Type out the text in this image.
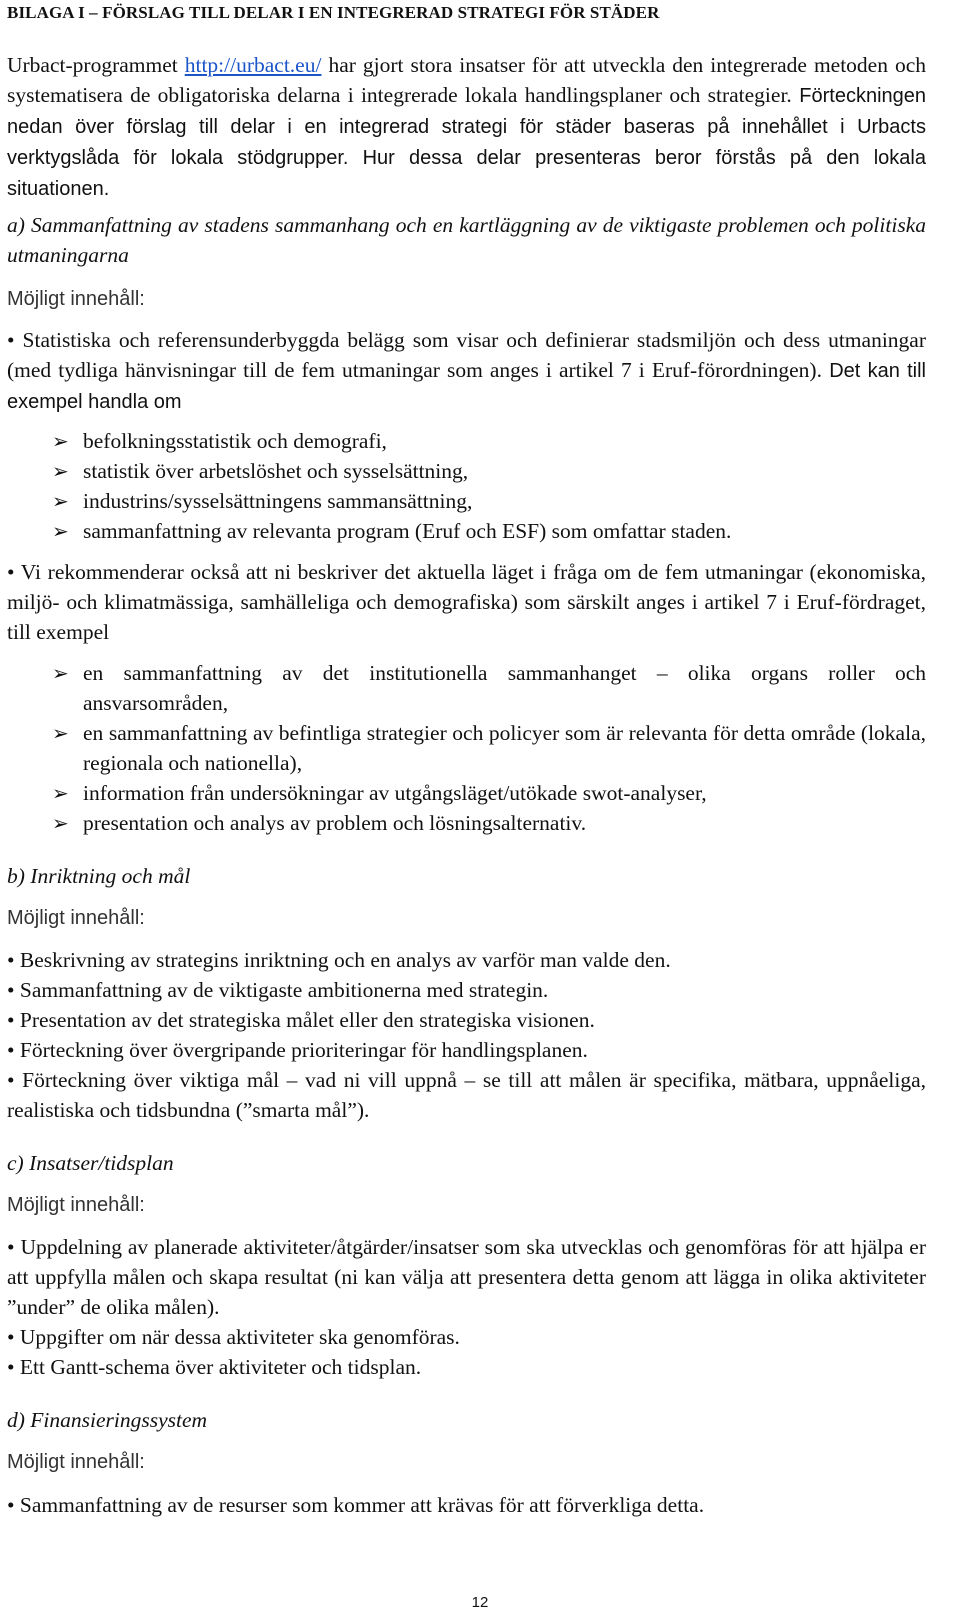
BILAGA I – FÖRSLAG TILL DELAR I EN INTEGRERAD STRATEGI FÖR STÄDER
Urbact-programmet http://urbact.eu/ har gjort stora insatser för att utveckla den integrerade metoden och systematisera de obligatoriska delarna i integrerade lokala handlingsplaner och strategier. Förteckningen nedan över förslag till delar i en integrerad strategi för städer baseras på innehållet i Urbacts verktygslåda för lokala stödgrupper. Hur dessa delar presenteras beror förstås på den lokala situationen.
a) Sammanfattning av stadens sammanhang och en kartläggning av de viktigaste problemen och politiska utmaningarna
Möjligt innehåll:
• Statistiska och referensunderbyggda belägg som visar och definierar stadsmiljön och dess utmaningar (med tydliga hänvisningar till de fem utmaningar som anges i artikel 7 i Eruf-förordningen). Det kan till exempel handla om
➢ befolkningsstatistik och demografi,
➢ statistik över arbetslöshet och sysselsättning,
➢ industrins/sysselsättningens sammansättning,
➢ sammanfattning av relevanta program (Eruf och ESF) som omfattar staden.
• Vi rekommenderar också att ni beskriver det aktuella läget i fråga om de fem utmaningar (ekonomiska, miljö- och klimatmässiga, samhälleliga och demografiska) som särskilt anges i artikel 7 i Eruf-fördraget, till exempel
➢ en sammanfattning av det institutionella sammanhanget – olika organs roller och ansvarsområden,
➢ en sammanfattning av befintliga strategier och policyer som är relevanta för detta område (lokala, regionala och nationella),
➢ information från undersökningar av utgångsläget/utökade swot-analyser,
➢ presentation och analys av problem och lösningsalternativ.
b) Inriktning och mål
Möjligt innehåll:
• Beskrivning av strategins inriktning och en analys av varför man valde den.
• Sammanfattning av de viktigaste ambitionerna med strategin.
• Presentation av det strategiska målet eller den strategiska visionen.
• Förteckning över övergripande prioriteringar för handlingsplanen.
• Förteckning över viktiga mål – vad ni vill uppnå – se till att målen är specifika, mätbara, uppnåeliga, realistiska och tidsbundna (”smarta mål”).
c) Insatser/tidsplan
Möjligt innehåll:
• Uppdelning av planerade aktiviteter/åtgärder/insatser som ska utvecklas och genomföras för att hjälpa er att uppfylla målen och skapa resultat (ni kan välja att presentera detta genom att lägga in olika aktiviteter ”under” de olika målen).
• Uppgifter om när dessa aktiviteter ska genomföras.
• Ett Gantt-schema över aktiviteter och tidsplan.
d) Finansieringssystem
Möjligt innehåll:
• Sammanfattning av de resurser som kommer att krävas för att förverkliga detta.
12
